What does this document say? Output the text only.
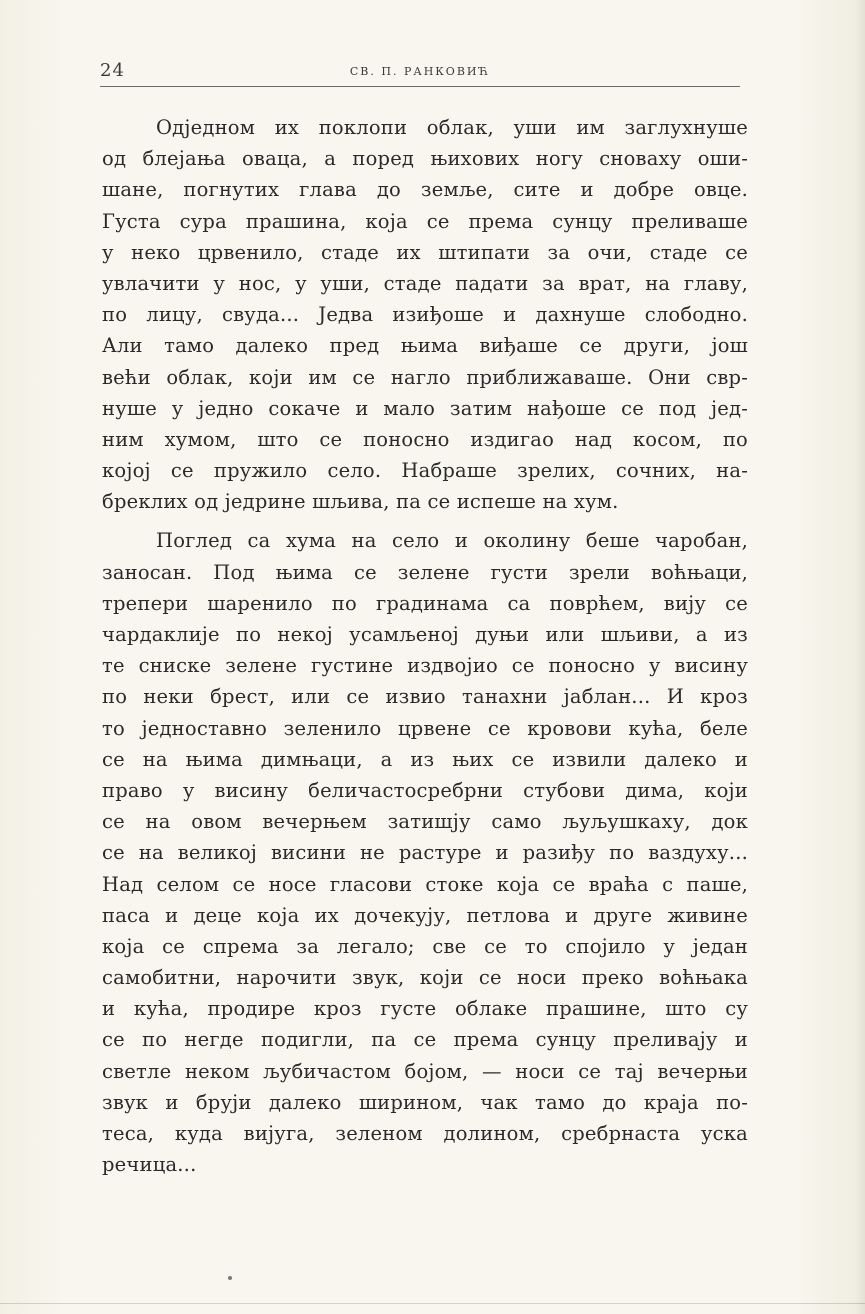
24	СВ. П. РАНКОВИЋ
Одједном их поклопи облак, уши им заглухнуше
од блејања оваца, а поред њихових ногу сноваху оши-
шане, погнутих глава до земље, сите и добре овце.
Густа сура прашина, која се према сунцу преливаше
у неко црвенило, стаде их штипати за очи, стаде се
увлачити у нос, у уши, стаде падати за врат, на главу,
по лицу, свуда... Једва изиђоше и дахнуше слободно.
Али тамо далеко пред њима виђаше се други, још
већи облак, који им се нагло приближаваше. Они свр-
нуше у једно сокаче и мало затим нађоше се под јед-
ним хумом, што се поносно издигао над косом, по
којој се пружило село. Набраше зрелих, сочних, на-
бреклих од једрине шљива, па се испеше на хум.
Поглед са хума на село и околину беше чаробан,
заносан. Под њима се зелене густи зрели воћњаци,
трепери шаренило по градинама са поврћем, вију се
чардаклије по некој усамљеној дуњи или шљиви, а из
те сниске зелене густине издвојио се поносно у висину
по неки брест, или се извио танахни јаблан... И кроз
то једноставно зеленило црвене се кровови кућа, беле
се на њима димњаци, а из њих се извили далеко и
право у висину беличастосребрни стубови дима, који
се на овом вечерњем затишју само љуљушкаху, док
се на великој висини не растуре и разиђу по ваздуху...
Над селом се носе гласови стоке која се враћа с паше,
паса и деце која их дочекују, петлова и друге живине
која се спрема за легало; све се то спојило у један
самобитни, нарочити звук, који се носи преко воћњака
и кућа, продире кроз густе облаке прашине, што су
се по негде подигли, па се према сунцу преливају и
светле неком љубичастом бојом, — носи се тај вечерњи
звук и бруји далеко ширином, чак тамо до краја по-
теса, куда вијуга, зеленом долином, сребрнаста уска
речица...
